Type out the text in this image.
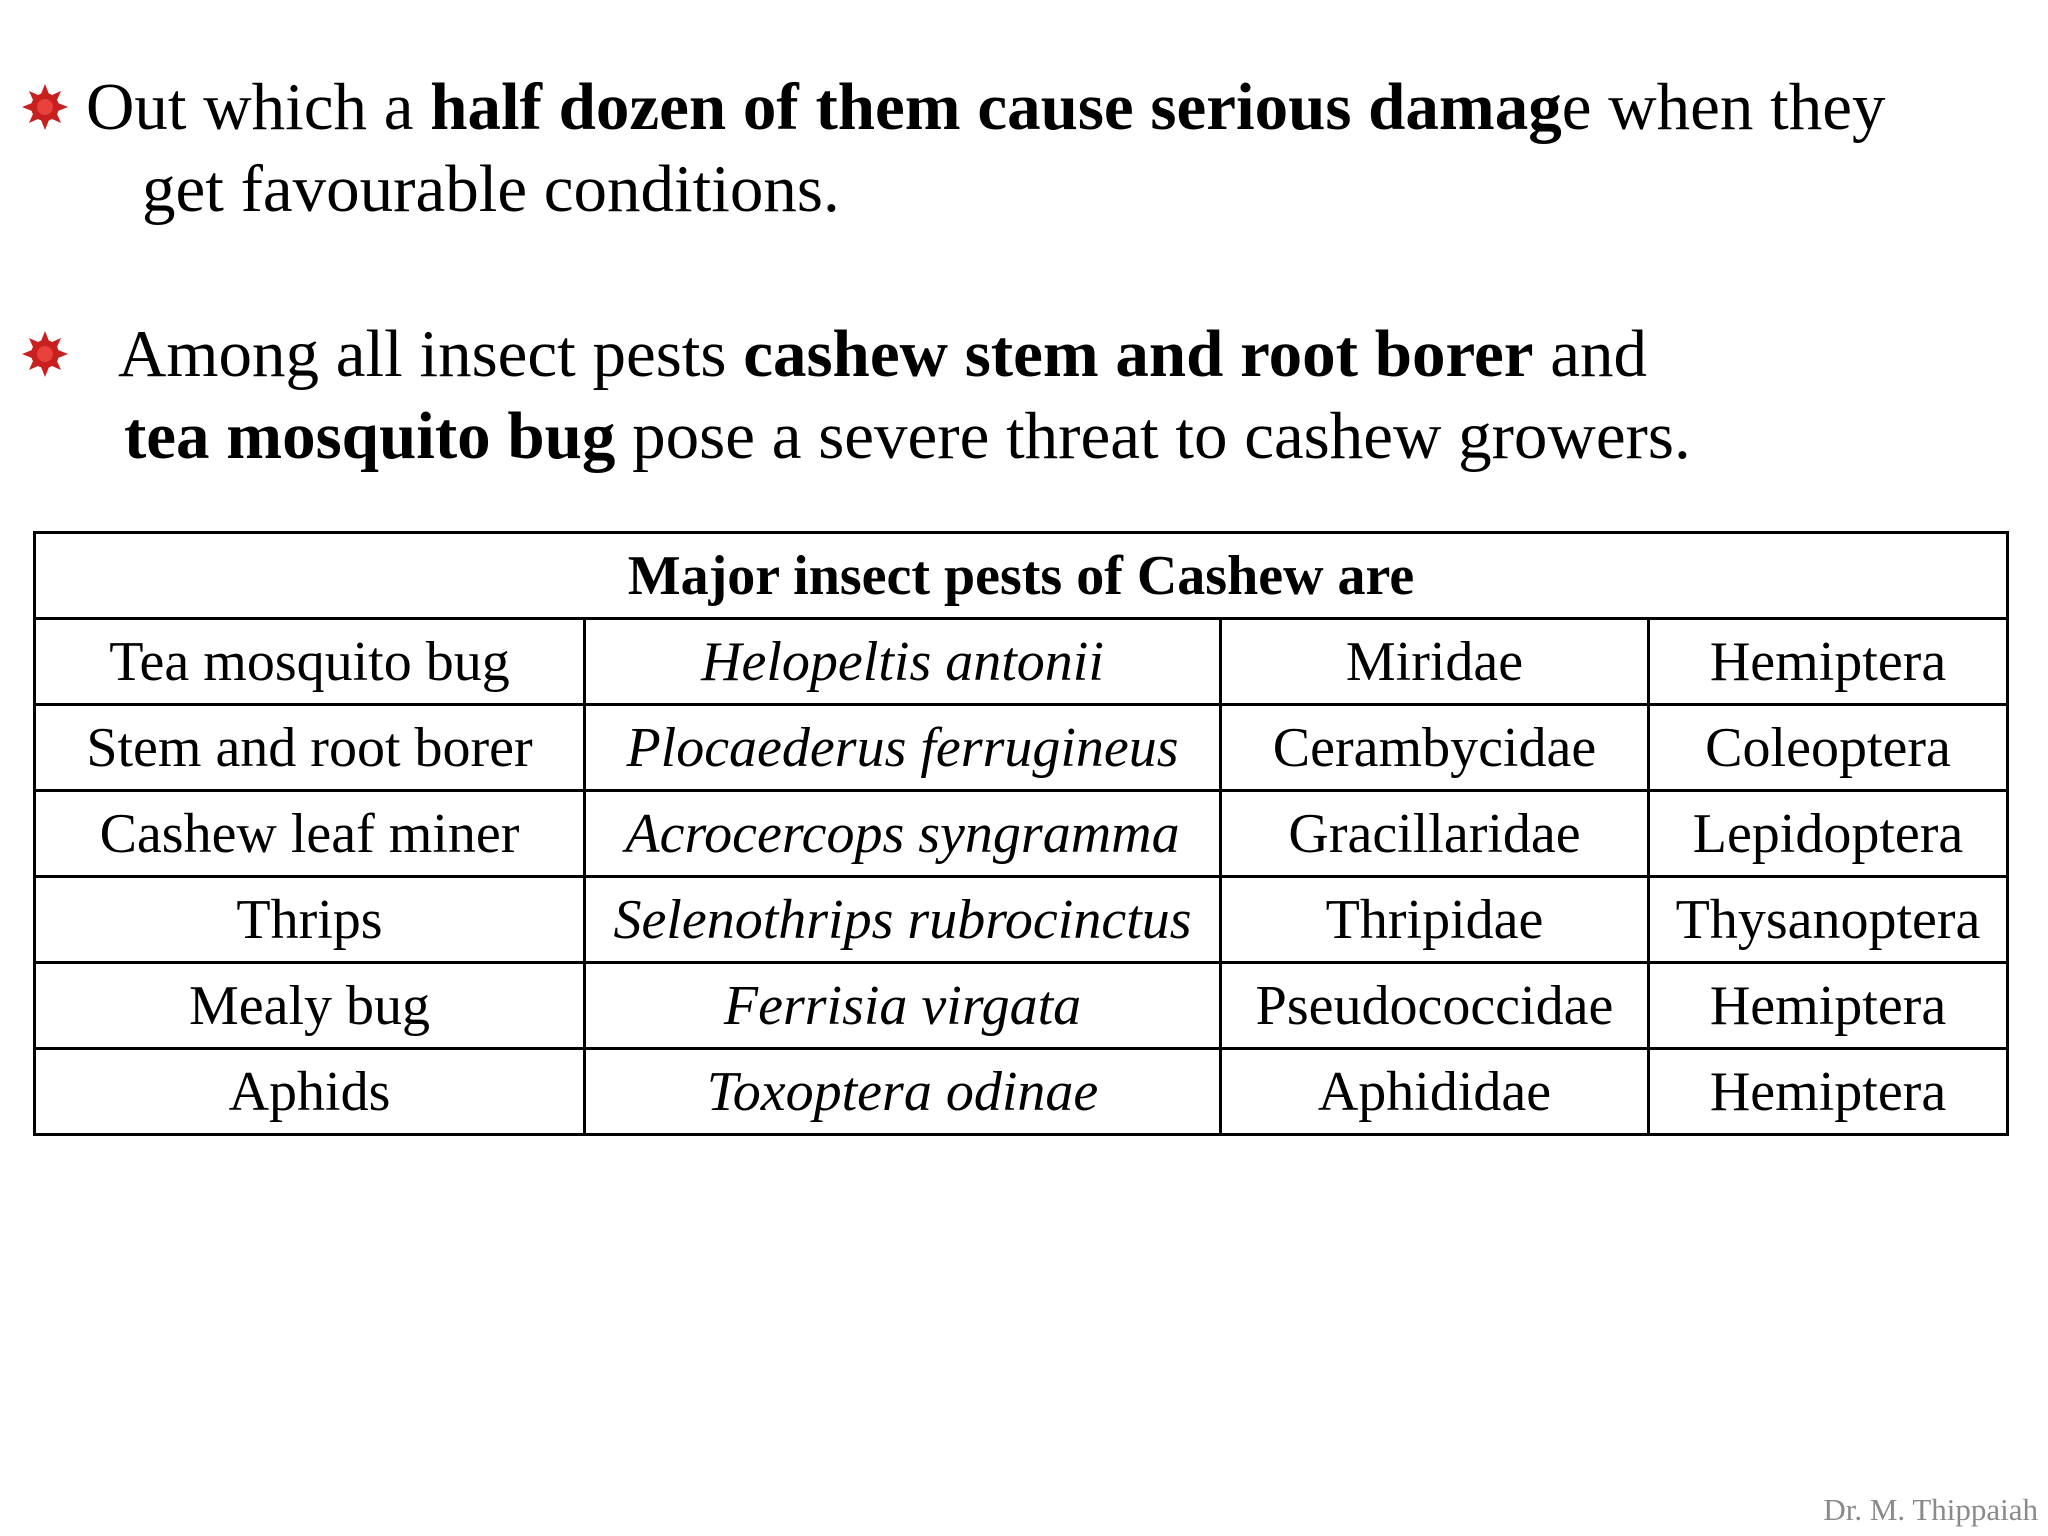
Out which a half dozen of them cause serious damage when they
get favourable conditions.
Among all insect pests cashew stem and root borer and
tea mosquito bug pose a severe threat to cashew growers.
Major insect pests of Cashew are			
Tea mosquito bug	Helopeltis antonii	Miridae	Hemiptera
Stem and root borer	Plocaederus ferrugineus	Cerambycidae	Coleoptera
Cashew leaf miner	Acrocercops syngramma	Gracillaridae	Lepidoptera
Thrips	Selenothrips rubrocinctus	Thripidae	Thysanoptera
Mealy bug	Ferrisia virgata	Pseudococcidae	Hemiptera
Aphids	Toxoptera odinae	Aphididae	Hemiptera
Dr. M. Thippaiah
